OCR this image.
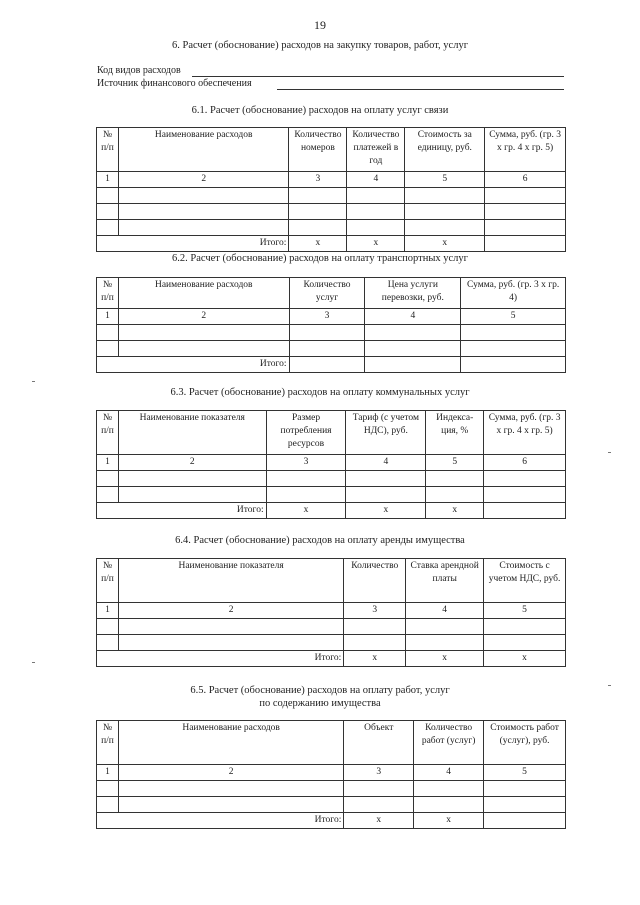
19
6. Расчет (обоснование) расходов на закупку товаров, работ, услуг
Код видов расходов
Источник финансового обеспечения
6.1. Расчет (обоснование) расходов на оплату услуг связи
№ п/п	Наименование расходов	Количество номеров	Количество платежей в год	Стоимость за единицу, руб.	Сумма, руб. (гр. 3 х гр. 4 х гр. 5)
1	2	3	4	5	6

Итого:		х	х	х	
6.2. Расчет (обоснование) расходов на оплату транспортных услуг
№ п/п	Наименование расходов	Количество услуг	Цена услуги перевозки, руб.	Сумма, руб. (гр. 3 х гр. 4)
1	2	3	4	5

Итого:				
6.3. Расчет (обоснование) расходов на оплату коммунальных услуг
№ п/п	Наименование показателя	Размер потребления ресурсов	Тариф (с учетом НДС), руб.	Индекса- ция, %	Сумма, руб. (гр. 3 х гр. 4 х гр. 5)
1	2	3	4	5	6

Итого:		х	х	х	
6.4. Расчет (обоснование) расходов на оплату аренды имущества
№ п/п	Наименование показателя	Количество	Ставка арендной платы	Стоимость с учетом НДС, руб.
1	2	3	4	5

Итого:		х	х	х
6.5. Расчет (обоснование) расходов на оплату работ, услуг
по содержанию имущества
№ п/п	Наименование расходов	Объект	Количество работ (услуг)	Стоимость работ (услуг), руб.
1	2	3	4	5

Итого:		х	х	
